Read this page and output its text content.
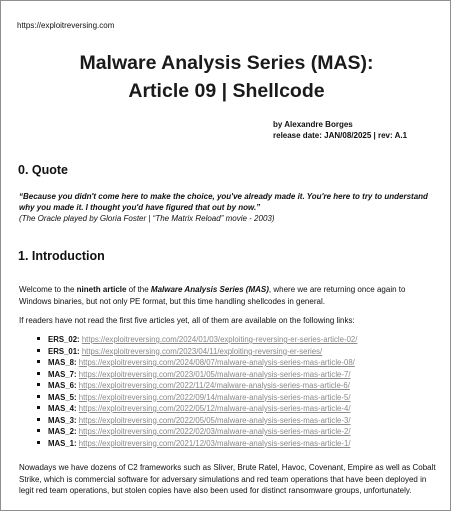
https://exploitreversing.com
Malware Analysis Series (MAS):
Article 09 | Shellcode
by Alexandre Borges
release date: JAN/08/2025 | rev: A.1
0. Quote
“Because you didn't come here to make the choice, you've already made it. You're here to try to understand why you made it. I thought you'd have figured that out by now.”
(The Oracle played by Gloria Foster | “The Matrix Reload” movie - 2003)
1. Introduction
Welcome to the nineth article of the Malware Analysis Series (MAS), where we are returning once again to Windows binaries, but not only PE format, but this time handling shellcodes in general.
If readers have not read the first five articles yet, all of them are available on the following links:
ERS_02: https://exploitreversing.com/2024/01/03/exploiting-reversing-er-series-article-02/
ERS_01: https://exploitreversing.com/2023/04/11/exploiting-reversing-er-series/
MAS_8: https://exploitreversing.com/2024/08/07/malware-analysis-series-mas-article-08/
MAS_7: https://exploitreversing.com/2023/01/05/malware-analysis-series-mas-article-7/
MAS_6: https://exploitreversing.com/2022/11/24/malware-analysis-series-mas-article-6/
MAS_5: https://exploitreversing.com/2022/09/14/malware-analysis-series-mas-article-5/
MAS_4: https://exploitreversing.com/2022/05/12/malware-analysis-series-mas-article-4/
MAS_3: https://exploitreversing.com/2022/05/05/malware-analysis-series-mas-article-3/
MAS_2: https://exploitreversing.com/2022/02/03/malware-analysis-series-mas-article-2/
MAS_1: https://exploitreversing.com/2021/12/03/malware-analysis-series-mas-article-1/
Nowadays we have dozens of C2 frameworks such as Sliver, Brute Ratel, Havoc, Covenant, Empire as well as Cobalt Strike, which is commercial software for adversary simulations and red team operations that have been deployed in legit red team operations, but stolen copies have also been used for distinct ransomware groups, unfortunately.
